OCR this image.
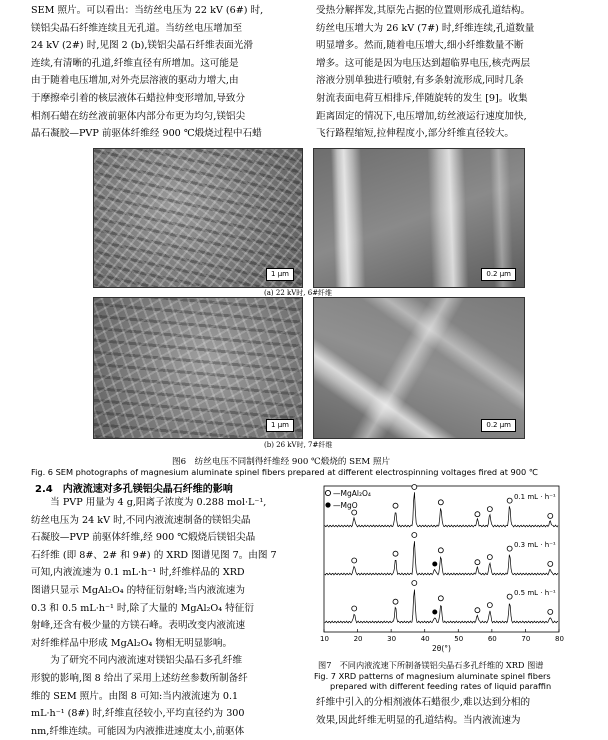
SEM 照片。可以看出：当纺丝电压为 22 kV (6#) 时,

镁铝尖晶石纤维连续且无孔道。当纺丝电压增加至

24 kV (2#) 时,见图 2 (b),镁铝尖晶石纤维表面光滑

连续,有清晰的孔道,纤维直径有所增加。这可能是

由于随着电压增加,对外壳层溶液的驱动力增大,由

于摩擦牵引着的核层液体石蜡拉伸变形增加,导致分

相剂石蜡在纺丝液前驱体内部分布更为均匀,镁铝尖

晶石凝胶—PVP 前驱体纤维经 900 ℃煅烧过程中石蜡

受热分解挥发,其原先占据的位置则形成孔道结构。

纺丝电压增大为 26 kV (7#) 时,纤维连续,孔道数量

明显增多。然而,随着电压增大,细小纤维数量不断

增多。这可能是因为电压达到超临界电压,核壳两层

溶液分别单独进行喷射,有多条射流形成,同时几条

射流表面电荷互相排斥,伴随旋转的发生 [9]。收集

距离固定的情况下,电压增加,纺丝液运行速度加快,

飞行路程缩短,拉伸程度小,部分纤维直径较大。

1 μm	0.2 μm
(a) 22 kV时, 6#纤维
1 μm	0.2 μm
(b) 26 kV时, 7#纤维
图6　纺丝电压不同制得纤维经 900 ℃煅烧的 SEM 照片
Fig. 6 SEM photographs of magnesium aluminate spinel fibers prepared at different electrospinning voltages fired at 900 ℃
2.4　内液流速对多孔镁铝尖晶石纤维的影响

　　当 PVP 用量为 4 g,阳离子浓度为 0.288 mol·L⁻¹,

纺丝电压为 24 kV 时,不同内液流速制备的镁铝尖晶

石凝胶—PVP 前驱体纤维,经 900 ℃煅烧后镁铝尖晶

石纤维 (即 8#、2# 和 9#) 的 XRD 图谱见图 7。由图 7

可知,内液流速为 0.1 mL·h⁻¹ 时,纤维样品的 XRD

图谱只显示 MgAl₂O₄ 的特征衍射峰;当内液流速为

0.3 和 0.5 mL·h⁻¹ 时,除了大量的 MgAl₂O₄ 特征衍

射峰,还含有极少量的方镁石峰。表明改变内液流速

对纤维样品中形成 MgAl₂O₄ 物相无明显影响。

　　为了研究不同内液流速对镁铝尖晶石多孔纤维

形貌的影响,图 8 给出了采用上述纺丝参数所制备纤

维的 SEM 照片。由图 8 可知:当内液流速为 0.1

mL·h⁻¹ (8#) 时,纤维直径较小,平均直径约为 300

nm,纤维连续。可能因为内液推进速度太小,前驱体

10	20	30	40	50	60	70	80
—MgAl₂O₄
—MgO
0.1 mL · h⁻¹
0.3 mL · h⁻¹
0.5 mL · h⁻¹
2θ(°)
图7　不同内液流速下所制备镁铝尖晶石多孔纤维的 XRD 图谱
Fig. 7 XRD patterns of magnesium aluminate spinel fibers
prepared with different feeding rates of liquid paraffin

纤维中引入的分相剂液体石蜡很少,难以达到分相的

效果,因此纤维无明显的孔道结构。当内液流速为
